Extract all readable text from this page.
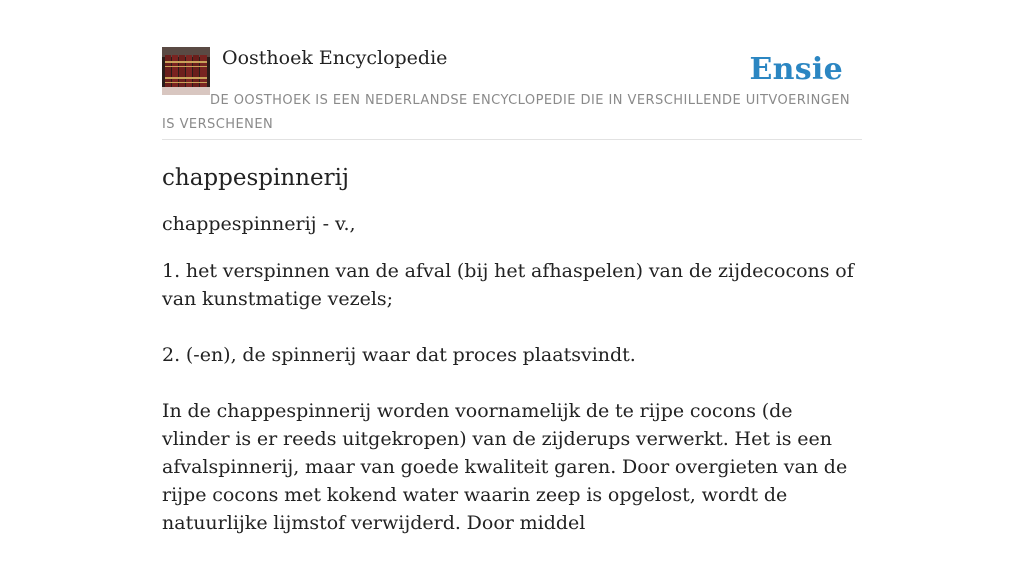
Oosthoek Encyclopedie	Ensie

DE OOSTHOEK IS EEN NEDERLANDSE ENCYCLOPEDIE DIE IN VERSCHILLENDE UITVOERINGEN IS VERSCHENEN

chappespinnerij

chappespinnerij - v.,

1. het verspinnen van de afval (bij het afhaspelen) van de zijdecocons of van kunstmatige vezels;

2. (-en), de spinnerij waar dat proces plaatsvindt.

In de chappespinnerij worden voornamelijk de te rijpe cocons (de vlinder is er reeds uitgekropen) van de zijderups verwerkt. Het is een afvalspinnerij, maar van goede kwaliteit garen. Door overgieten van de rijpe cocons met kokend water waarin zeep is opgelost, wordt de natuurlijke lijmstof verwijderd. Door middel
